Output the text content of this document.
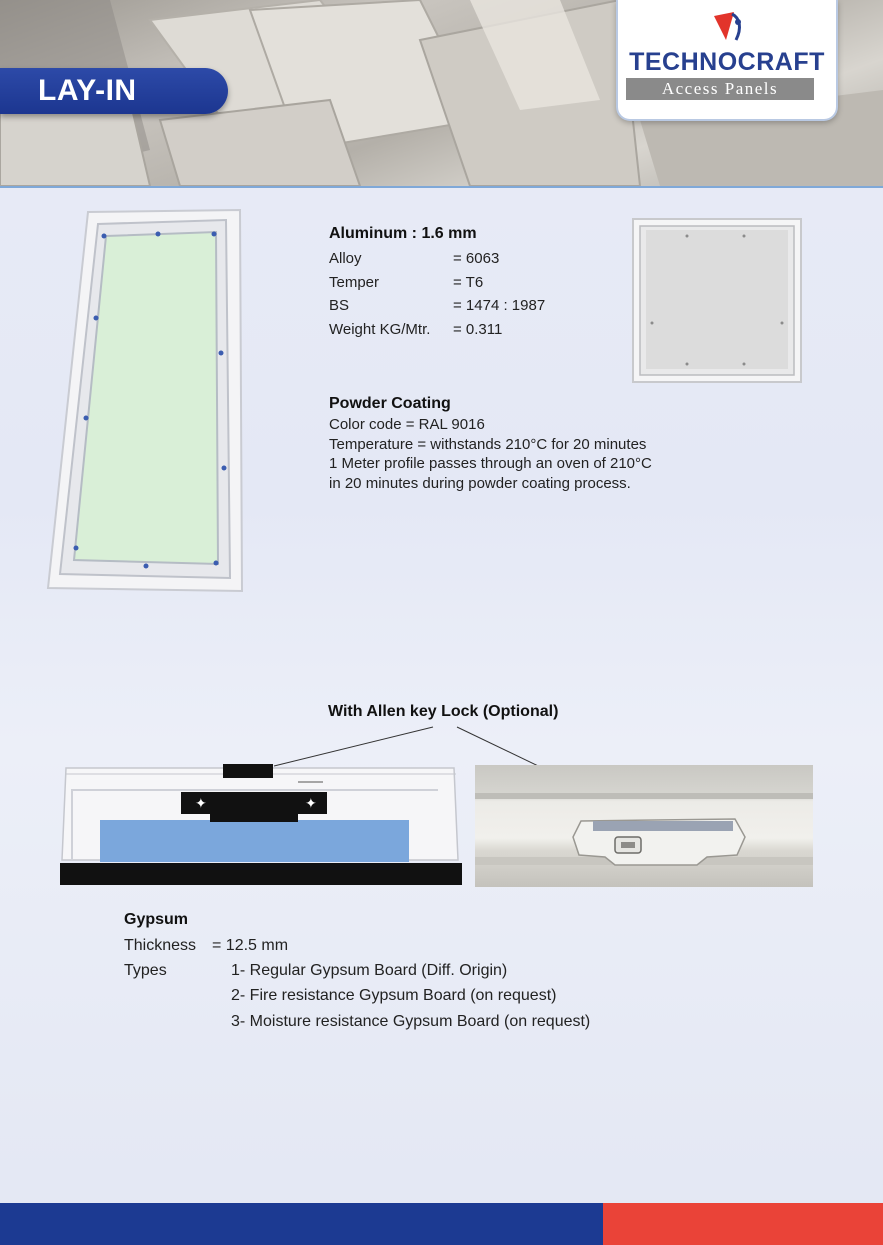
LAY-IN
TECHNOCRAFT
Access Panels
Aluminum : 1.6 mm
Alloy	= 6063
Temper	= T6
BS	= 1474 : 1987
Weight KG/Mtr. = 0.311
Powder Coating
Color code = RAL 9016
Temperature = withstands 210°C for 20 minutes
1 Meter profile passes through an oven of 210°C
in 20 minutes during powder coating process.
With Allen key Lock (Optional)
✦	✦
Gypsum
Thickness = 12.5 mm
Types	1- Regular Gypsum Board (Diff. Origin)
2- Fire resistance Gypsum Board (on request)
3- Moisture resistance Gypsum Board (on request)
